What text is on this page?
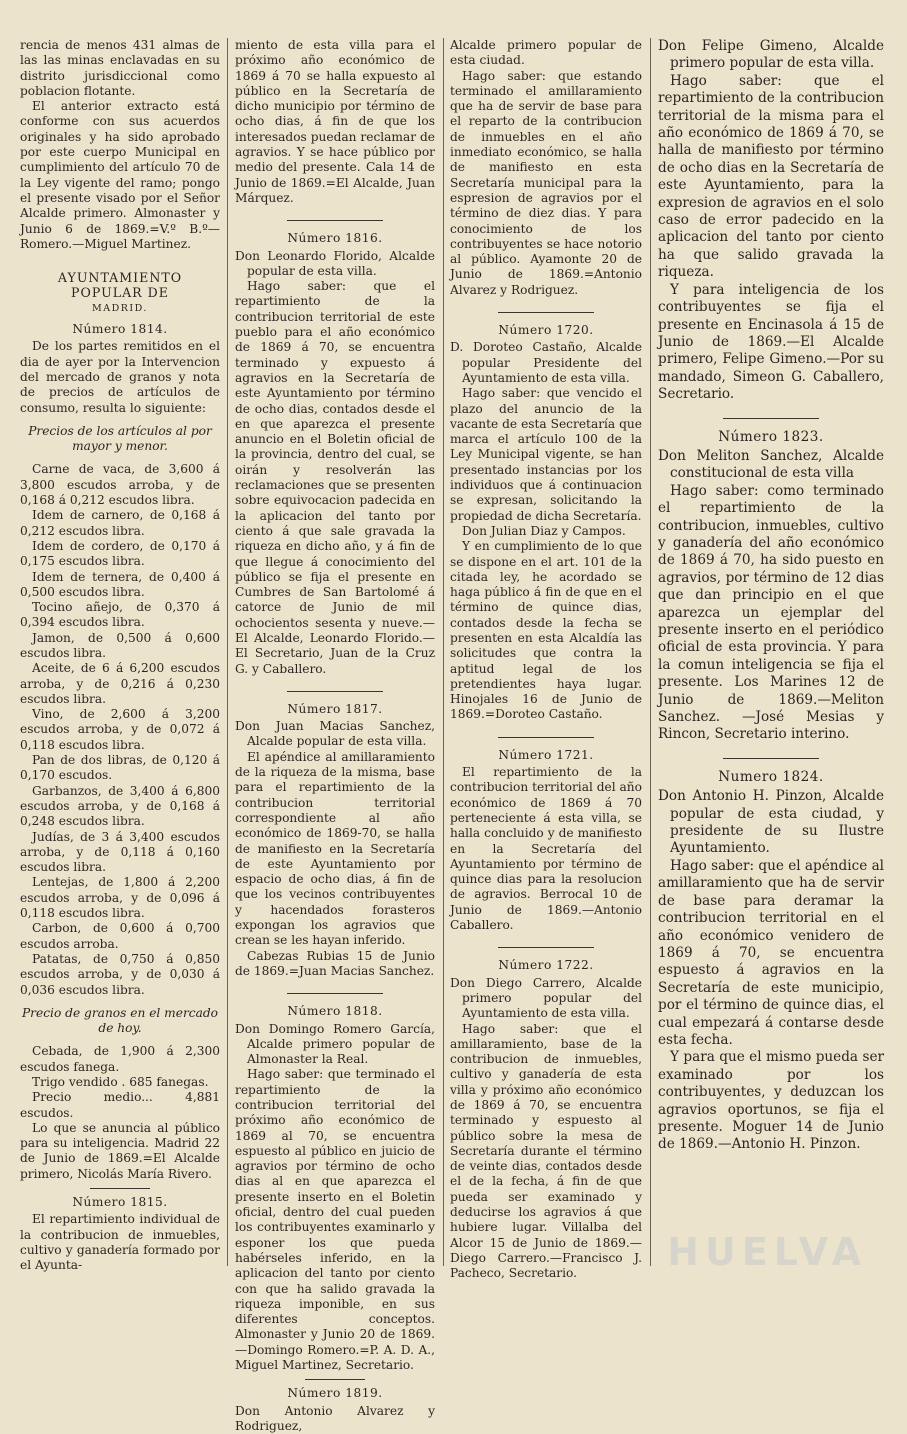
rencia de menos 431 almas de las las minas enclavadas en su distrito jurisdiccional como poblacion flotante.

El anterior extracto está conforme con sus acuerdos originales y ha sido aprobado por este cuerpo Municipal en cumplimiento del artículo 70 de la Ley vigente del ramo; pongo el presente visado por el Señor Alcalde primero. Almonaster y Junio 6 de 1869.=V.º B.º—Romero.—Miguel Martinez.

AYUNTAMIENTO POPULAR DE
MADRID.
Número 1814.

De los partes remitidos en el dia de ayer por la Intervencion del mercado de granos y nota de precios de artículos de consumo, resulta lo siguiente:

Precios de los artículos al por mayor y menor.

Carne de vaca, de 3,600 á 3,800 escudos arroba, y de 0,168 á 0,212 escudos libra.

Idem de carnero, de 0,168 á 0,212 escudos libra.

Idem de cordero, de 0,170 á 0,175 escudos libra.

Idem de ternera, de 0,400 á 0,500 escudos libra.

Tocino añejo, de 0,370 á 0,394 escudos libra.

Jamon, de 0,500 á 0,600 escudos libra.

Aceite, de 6 á 6,200 escudos arroba, y de 0,216 á 0,230 escudos libra.

Vino, de 2,600 á 3,200 escudos arroba, y de 0,072 á 0,118 escudos libra.

Pan de dos libras, de 0,120 á 0,170 escudos.

Garbanzos, de 3,400 á 6,800 escudos arroba, y de 0,168 á 0,248 escudos libra.

Judías, de 3 á 3,400 escudos arroba, y de 0,118 á 0,160 escudos libra.

Lentejas, de 1,800 á 2,200 escudos arroba, y de 0,096 á 0,118 escudos libra.

Carbon, de 0,600 á 0,700 escudos arroba.

Patatas, de 0,750 á 0,850 escudos arroba, y de 0,030 á 0,036 escudos libra.

Precio de granos en el mercado de hoy.

Cebada, de 1,900 á 2,300 escudos fanega.

Trigo vendido . 685 fanegas.

Precio medio... 4,881 escudos.

Lo que se anuncia al público para su inteligencia. Madrid 22 de Junio de 1869.=El Alcalde primero, Nicolás María Rivero.

Número 1815.

El repartimiento individual de la contribucion de inmuebles, cultivo y ganadería formado por el Ayunta-

miento de esta villa para el próximo año económico de 1869 á 70 se halla expuesto al público en la Secretaría de dicho municipio por término de ocho dias, á fin de que los interesados puedan reclamar de agravios. Y se hace público por medio del presente. Cala 14 de Junio de 1869.=El Alcalde, Juan Márquez.

Número 1816.

Don Leonardo Florido, Alcalde popular de esta villa.

Hago saber: que el repartimiento de la contribucion territorial de este pueblo para el año económico de 1869 á 70, se encuentra terminado y expuesto á agravios en la Secretaría de este Ayuntamiento por término de ocho dias, contados desde el en que aparezca el presente anuncio en el Boletin oficial de la provincia, dentro del cual, se oirán y resolverán las reclamaciones que se presenten sobre equivocacion padecida en la aplicacion del tanto por ciento á que sale gravada la riqueza en dicho año, y á fin de que llegue á conocimiento del público se fija el presente en Cumbres de San Bartolomé á catorce de Junio de mil ochocientos sesenta y nueve.—El Alcalde, Leonardo Florido.—El Secretario, Juan de la Cruz G. y Caballero.

Número 1817.

Don Juan Macias Sanchez, Alcalde popular de esta villa.

El apéndice al amillaramiento de la riqueza de la misma, base para el repartimiento de la contribucion territorial correspondiente al año económico de 1869-70, se halla de manifiesto en la Secretaría de este Ayuntamiento por espacio de ocho dias, á fin de que los vecinos contribuyentes y hacendados forasteros expongan los agravios que crean se les hayan inferido.

Cabezas Rubias 15 de Junio de 1869.=Juan Macias Sanchez.

Número 1818.

Don Domingo Romero García, Alcalde primero popular de Almonaster la Real.

Hago saber: que terminado el repartimiento de la contribucion territorial del próximo año económico de 1869 al 70, se encuentra espuesto al público en juicio de agravios por término de ocho dias al en que aparezca el presente inserto en el Boletin oficial, dentro del cual pueden los contribuyentes examinarlo y esponer los que pueda habérseles inferido, en la aplicacion del tanto por ciento con que ha salido gravada la riqueza imponible, en sus diferentes conceptos. Almonaster y Junio 20 de 1869.—Domingo Romero.=P. A. D. A., Miguel Martinez, Secretario.

Número 1819.

Don Antonio Alvarez y Rodriguez,

Alcalde primero popular de esta ciudad.

Hago saber: que estando terminado el amillaramiento que ha de servir de base para el reparto de la contribucion de inmuebles en el año inmediato económico, se halla de manifiesto en esta Secretaría municipal para la espresion de agravios por el término de diez dias. Y para conocimiento de los contribuyentes se hace notorio al público. Ayamonte 20 de Junio de 1869.=Antonio Alvarez y Rodriguez.

Número 1720.

D. Doroteo Castaño, Alcalde popular Presidente del Ayuntamiento de esta villa.

Hago saber: que vencido el plazo del anuncio de la vacante de esta Secretaría que marca el artículo 100 de la Ley Municipal vigente, se han presentado instancias por los individuos que á continuacion se expresan, solicitando la propiedad de dicha Secretaría.

Don Julian Diaz y Campos.

Y en cumplimiento de lo que se dispone en el art. 101 de la citada ley, he acordado se haga público á fin de que en el término de quince dias, contados desde la fecha se presenten en esta Alcaldía las solicitudes que contra la aptitud legal de los pretendientes haya lugar. Hinojales 16 de Junio de 1869.=Doroteo Castaño.

Número 1721.

El repartimiento de la contribucion territorial del año económico de 1869 á 70 perteneciente á esta villa, se halla concluido y de manifiesto en la Secretaría del Ayuntamiento por término de quince dias para la resolucion de agravios. Berrocal 10 de Junio de 1869.—Antonio Caballero.

Número 1722.

Don Diego Carrero, Alcalde primero popular del Ayuntamiento de esta villa.

Hago saber: que el amillaramiento, base de la contribucion de inmuebles, cultivo y ganadería de esta villa y próximo año económico de 1869 á 70, se encuentra terminado y espuesto al público sobre la mesa de Secretaría durante el término de veinte dias, contados desde el de la fecha, á fin de que pueda ser examinado y deducirse los agravios á que hubiere lugar. Villalba del Alcor 15 de Junio de 1869.—Diego Carrero.—Francisco J. Pacheco, Secretario.

Don Felipe Gimeno, Alcalde primero popular de esta villa.

Hago saber: que el repartimiento de la contribucion territorial de la misma para el año económico de 1869 á 70, se halla de manifiesto por término de ocho dias en la Secretaría de este Ayuntamiento, para la expresion de agravios en el solo caso de error padecido en la aplicacion del tanto por ciento ha que salido gravada la riqueza.

Y para inteligencia de los contribuyentes se fija el presente en Encinasola á 15 de Junio de 1869.—El Alcalde primero, Felipe Gimeno.—Por su mandado, Simeon G. Caballero, Secretario.

Número 1823.

Don Meliton Sanchez, Alcalde constitucional de esta villa

Hago saber: como terminado el repartimiento de la contribucion, inmuebles, cultivo y ganadería del año económico de 1869 á 70, ha sido puesto en agravios, por término de 12 dias que dan principio en el que aparezca un ejemplar del presente inserto en el periódico oficial de esta provincia. Y para la comun inteligencia se fija el presente. Los Marines 12 de Junio de 1869.—Meliton Sanchez. —José Mesias y Rincon, Secretario interino.

Numero 1824.

Don Antonio H. Pinzon, Alcalde popular de esta ciudad, y presidente de su Ilustre Ayuntamiento.

Hago saber: que el apéndice al amillaramiento que ha de servir de base para deramar la contribucion territorial en el año económico venidero de 1869 á 70, se encuentra espuesto á agravios en la Secretaría de este municipio, por el término de quince dias, el cual empezará á contarse desde esta fecha.

Y para que el mismo pueda ser examinado por los contribuyentes, y deduzcan los agravios oportunos, se fija el presente. Moguer 14 de Junio de 1869.—Antonio H. Pinzon.

HUELVA
